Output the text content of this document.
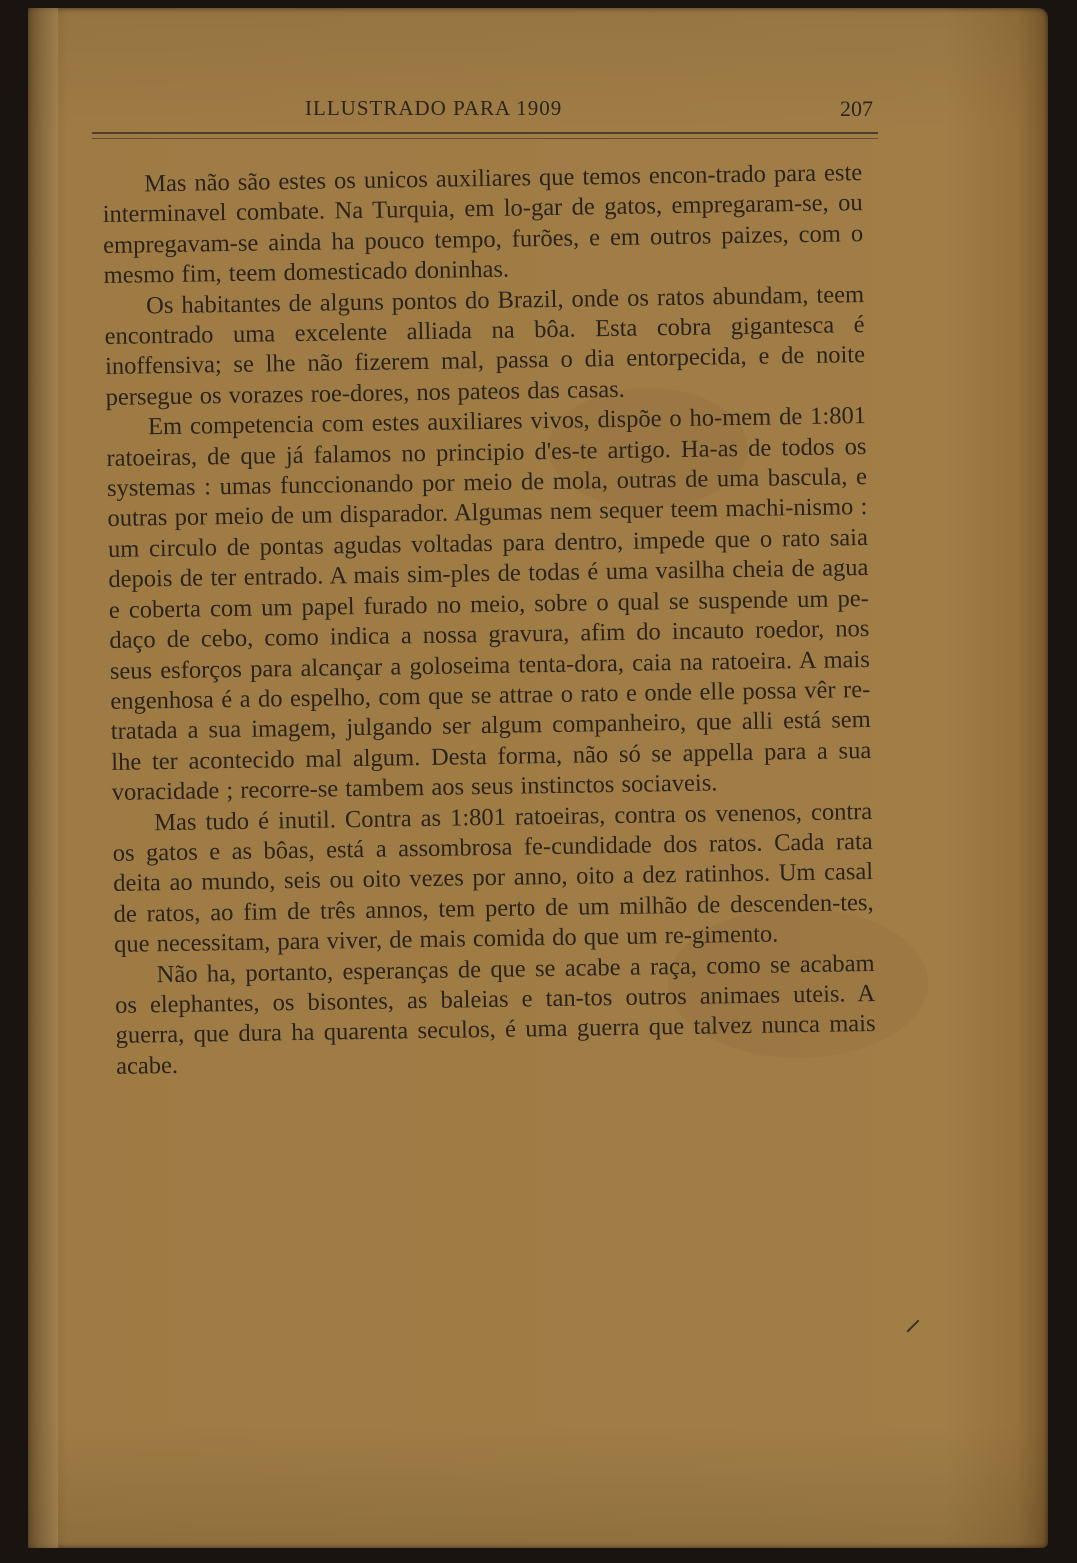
ILLUSTRADO PARA 1909	207

Mas não são estes os unicos auxiliares que temos encon-trado para este interminavel combate. Na Turquia, em lo-gar de gatos, empregaram-se, ou empregavam-se ainda ha pouco tempo, furões, e em outros paizes, com o mesmo fim, teem domesticado doninhas.

Os habitantes de alguns pontos do Brazil, onde os ratos abundam, teem encontrado uma excelente alliada na bôa. Esta cobra gigantesca é inoffensiva; se lhe não fizerem mal, passa o dia entorpecida, e de noite persegue os vorazes roe-dores, nos pateos das casas.

Em competencia com estes auxiliares vivos, dispõe o ho-mem de 1:801 ratoeiras, de que já falamos no principio d'es-te artigo. Ha-as de todos os systemas : umas funccionando por meio de mola, outras de uma bascula, e outras por meio de um disparador. Algumas nem sequer teem machi-nismo : um circulo de pontas agudas voltadas para dentro, impede que o rato saia depois de ter entrado. A mais sim-ples de todas é uma vasilha cheia de agua e coberta com um papel furado no meio, sobre o qual se suspende um pe-daço de cebo, como indica a nossa gravura, afim do incauto roedor, nos seus esforços para alcançar a goloseima tenta-dora, caia na ratoeira. A mais engenhosa é a do espelho, com que se attrae o rato e onde elle possa vêr re-tratada a sua imagem, julgando ser algum companheiro, que alli está sem lhe ter acontecido mal algum. Desta forma, não só se appella para a sua voracidade ; recorre-se tambem aos seus instinctos sociaveis.

Mas tudo é inutil. Contra as 1:801 ratoeiras, contra os venenos, contra os gatos e as bôas, está a assombrosa fe-cundidade dos ratos. Cada rata deita ao mundo, seis ou oito vezes por anno, oito a dez ratinhos. Um casal de ratos, ao fim de três annos, tem perto de um milhão de descenden-tes, que necessitam, para viver, de mais comida do que um re-gimento.

Não ha, portanto, esperanças de que se acabe a raça, como se acabam os elephantes, os bisontes, as baleias e tan-tos outros animaes uteis. A guerra, que dura ha quarenta seculos, é uma guerra que talvez nunca mais acabe.
